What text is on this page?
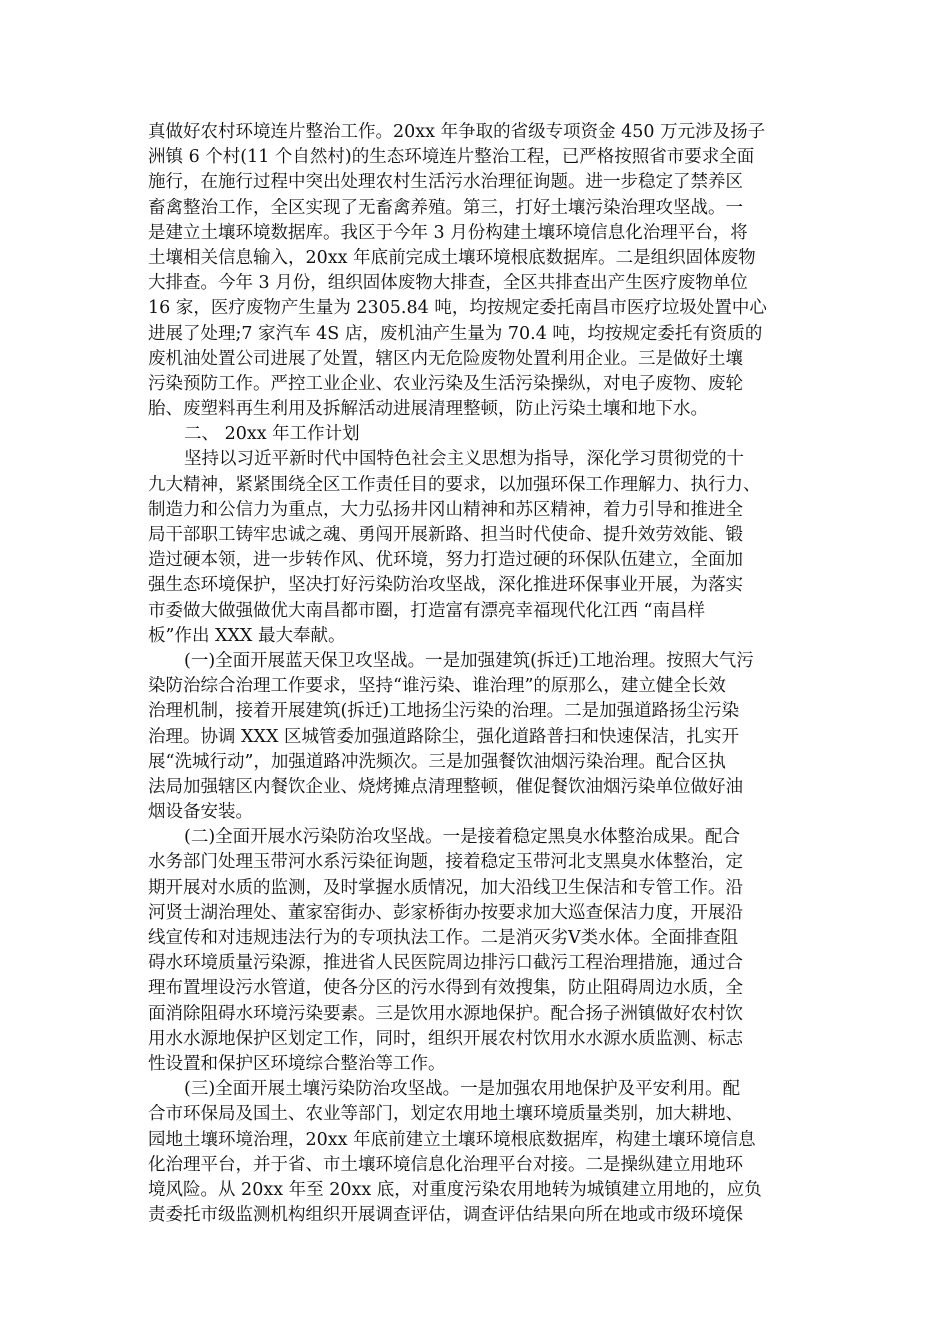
真做好农村环境连片整治工作。20xx 年争取的省级专项资金 450 万元涉及扬子
洲镇 6 个村(11 个自然村)的生态环境连片整治工程，已严格按照省市要求全面
施行，在施行过程中突出处理农村生活污水治理征询题。进一步稳定了禁养区
畜禽整治工作，全区实现了无畜禽养殖。第三，打好土壤污染治理攻坚战。一
是建立土壤环境数据库。我区于今年 3 月份构建土壤环境信息化治理平台，将
土壤相关信息输入，20xx 年底前完成土壤环境根底数据库。二是组织固体废物
大排查。今年 3 月份，组织固体废物大排查，全区共排查出产生医疗废物单位
16 家，医疗废物产生量为 2305.84 吨，均按规定委托南昌市医疗垃圾处置中心
进展了处理;7 家汽车 4S 店，废机油产生量为 70.4 吨，均按规定委托有资质的
废机油处置公司进展了处置，辖区内无危险废物处置利用企业。三是做好土壤
污染预防工作。严控工业企业、农业污染及生活污染操纵，对电子废物、废轮
胎、废塑料再生利用及拆解活动进展清理整顿，防止污染土壤和地下水。
二、 20xx 年工作计划
坚持以习近平新时代中国特色社会主义思想为指导，深化学习贯彻党的十
九大精神，紧紧围绕全区工作责任目的要求，以加强环保工作理解力、执行力、
制造力和公信力为重点，大力弘扬井冈山精神和苏区精神，着力引导和推进全
局干部职工铸牢忠诚之魂、勇闯开展新路、担当时代使命、提升效劳效能、锻
造过硬本领，进一步转作风、优环境，努力打造过硬的环保队伍建立，全面加
强生态环境保护，坚决打好污染防治攻坚战，深化推进环保事业开展，为落实
市委做大做强做优大南昌都市圈，打造富有漂亮幸福现代化江西 “南昌样
板”作出 XXX 最大奉献。
(一)全面开展蓝天保卫攻坚战。一是加强建筑(拆迁)工地治理。按照大气污
染防治综合治理工作要求，坚持“谁污染、谁治理”的原那么，建立健全长效
治理机制，接着开展建筑(拆迁)工地扬尘污染的治理。二是加强道路扬尘污染
治理。协调 XXX 区城管委加强道路除尘，强化道路普扫和快速保洁，扎实开
展“洗城行动”，加强道路冲洗频次。三是加强餐饮油烟污染治理。配合区执
法局加强辖区内餐饮企业、烧烤摊点清理整顿，催促餐饮油烟污染单位做好油
烟设备安装。
(二)全面开展水污染防治攻坚战。一是接着稳定黑臭水体整治成果。配合
水务部门处理玉带河水系污染征询题，接着稳定玉带河北支黑臭水体整治，定
期开展对水质的监测，及时掌握水质情况，加大沿线卫生保洁和专管工作。沿
河贤士湖治理处、董家窑街办、彭家桥街办按要求加大巡查保洁力度，开展沿
线宣传和对违规违法行为的专项执法工作。二是消灭劣Ⅴ类水体。全面排查阻
碍水环境质量污染源，推进省人民医院周边排污口截污工程治理措施，通过合
理布置埋设污水管道，使各分区的污水得到有效搜集，防止阻碍周边水质，全
面消除阻碍水环境污染要素。三是饮用水源地保护。配合扬子洲镇做好农村饮
用水水源地保护区划定工作，同时，组织开展农村饮用水水源水质监测、标志
性设置和保护区环境综合整治等工作。
(三)全面开展土壤污染防治攻坚战。一是加强农用地保护及平安利用。配
合市环保局及国土、农业等部门，划定农用地土壤环境质量类别，加大耕地、
园地土壤环境治理，20xx 年底前建立土壤环境根底数据库，构建土壤环境信息
化治理平台，并于省、市土壤环境信息化治理平台对接。二是操纵建立用地环
境风险。从 20xx 年至 20xx 底，对重度污染农用地转为城镇建立用地的，应负
责委托市级监测机构组织开展调查评估，调查评估结果向所在地或市级环境保
